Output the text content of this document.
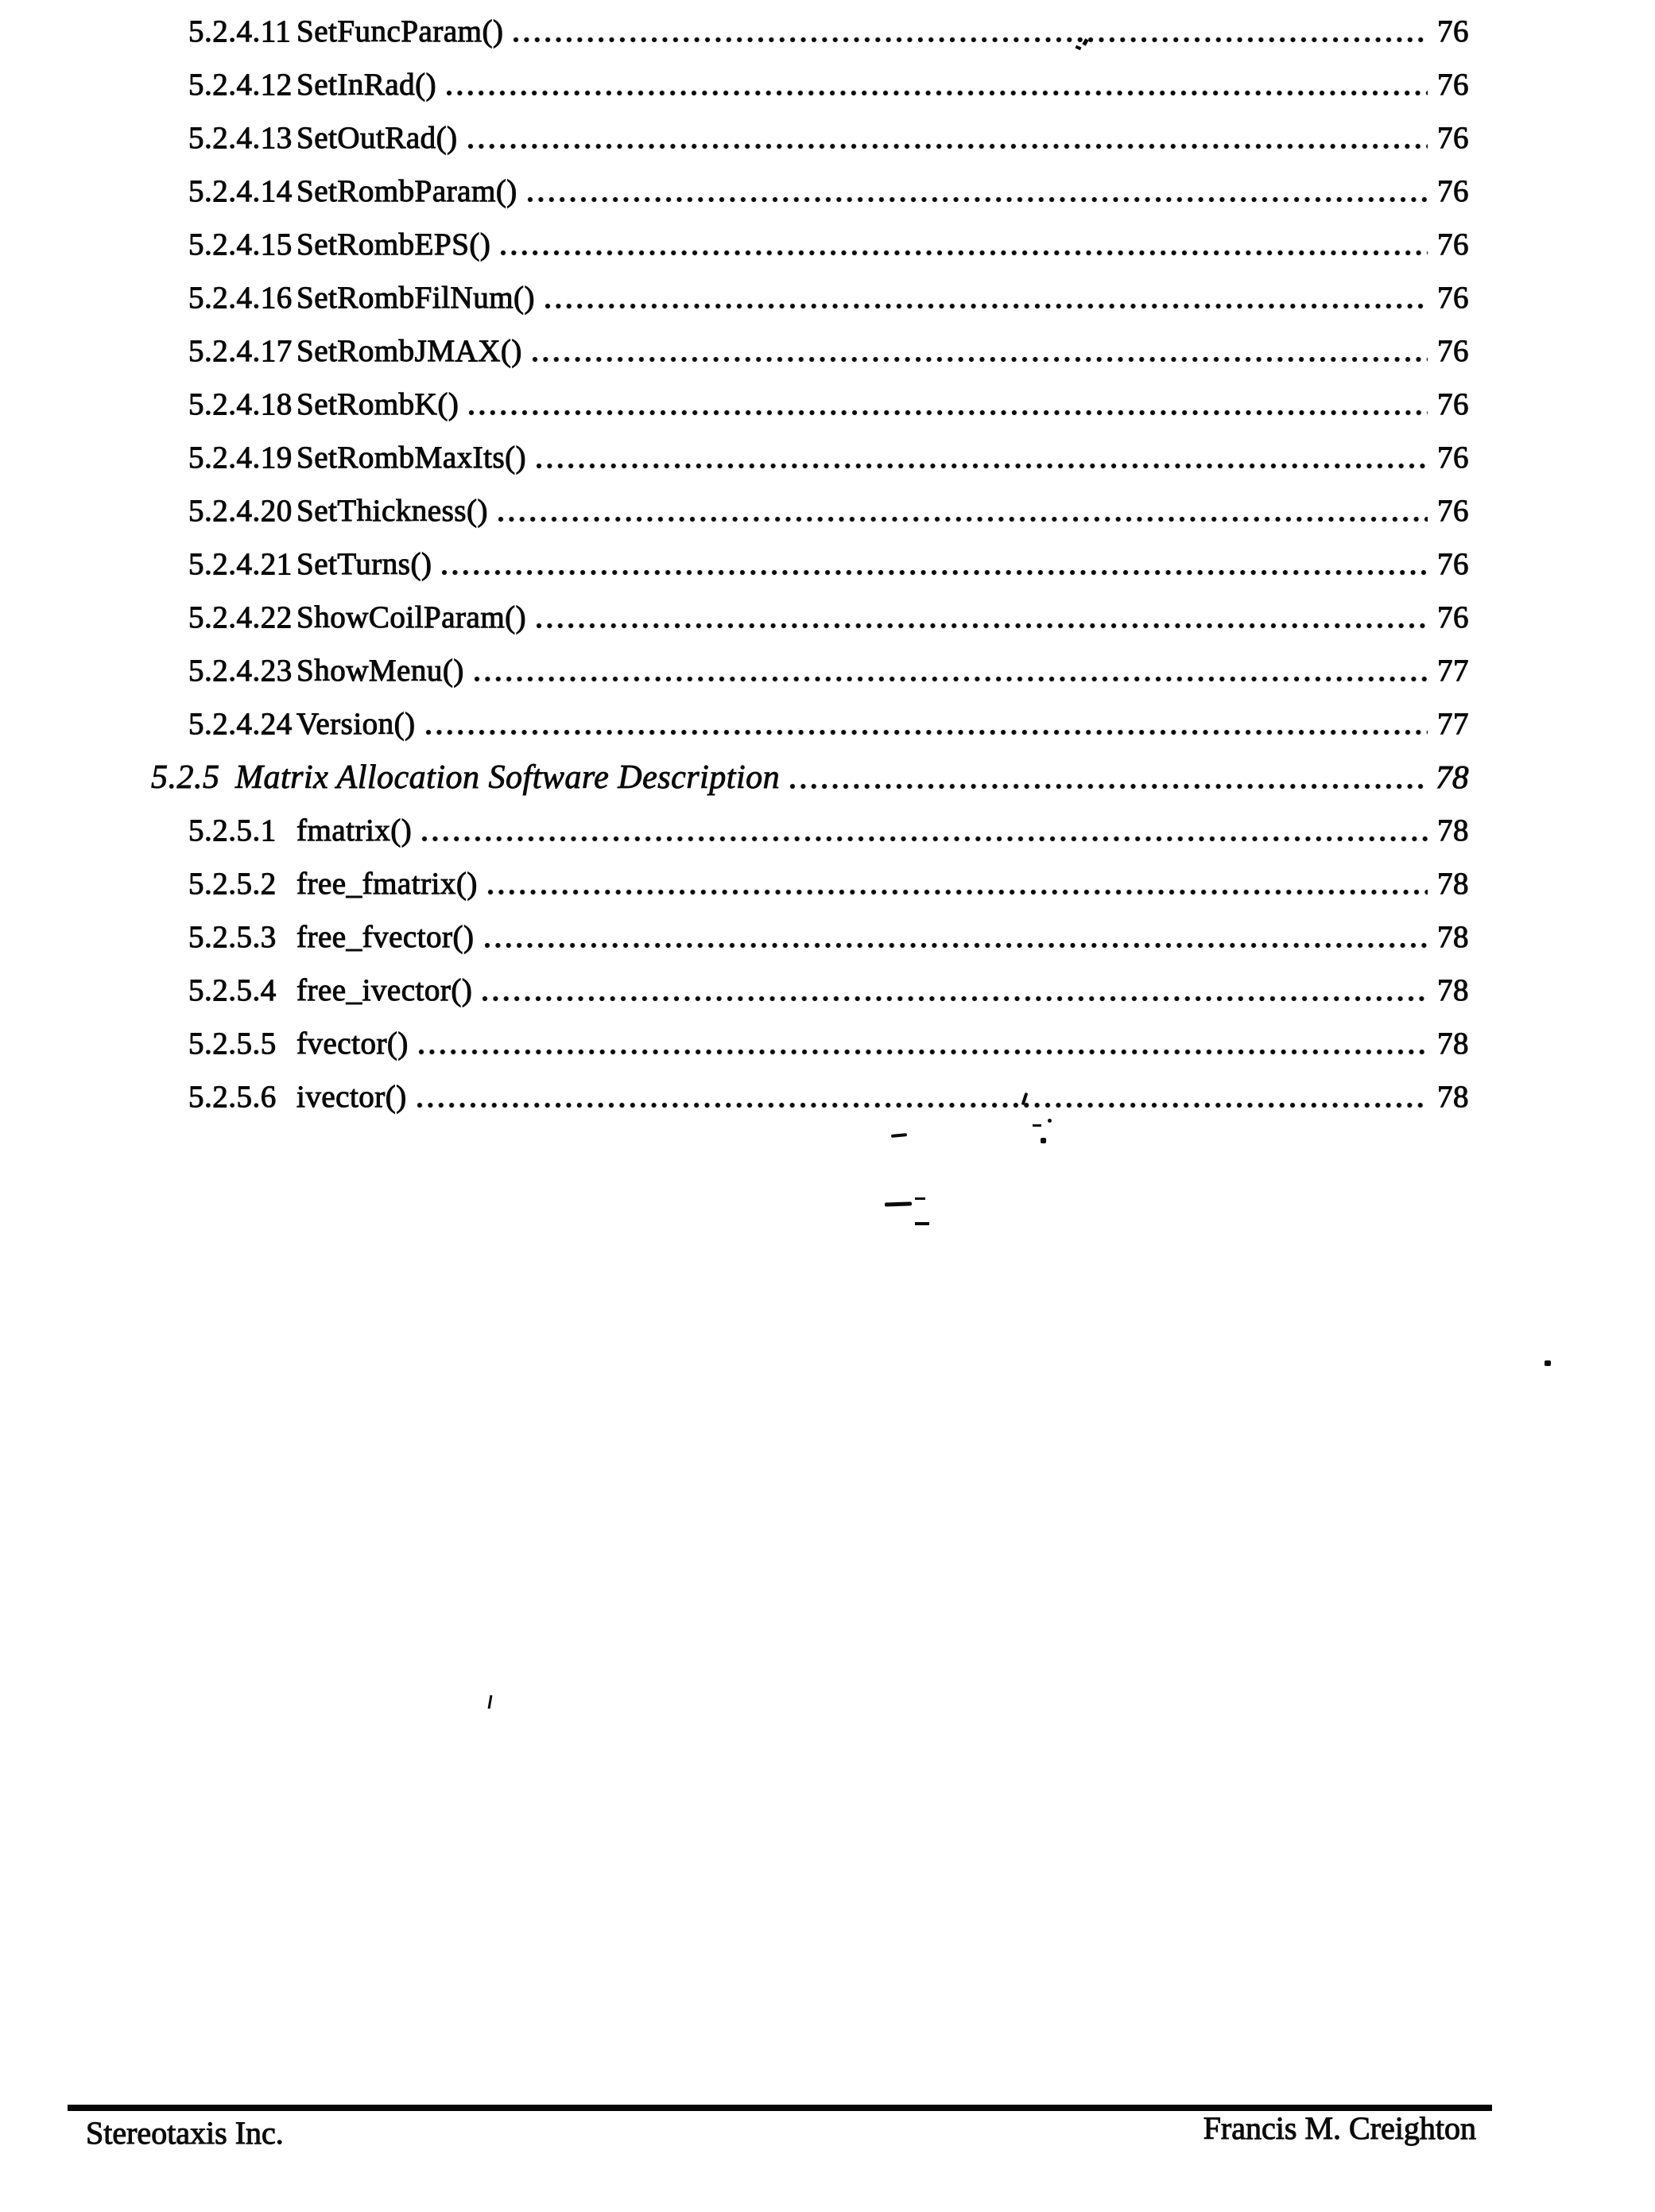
5.2.4.11 SetFuncParam()	76
5.2.4.12 SetInRad()	76
5.2.4.13 SetOutRad()	76
5.2.4.14 SetRombParam()	76
5.2.4.15 SetRombEPS()	76
5.2.4.16 SetRombFilNum()	76
5.2.4.17 SetRombJMAX()	76
5.2.4.18 SetRombK()	76
5.2.4.19 SetRombMaxIts()	76
5.2.4.20 SetThickness()	76
5.2.4.21 SetTurns()	76
5.2.4.22 ShowCoilParam()	76
5.2.4.23 ShowMenu()	77
5.2.4.24 Version()	77
5.2.5 Matrix Allocation Software Description	78
5.2.5.1 fmatrix()	78
5.2.5.2 free_fmatrix()	78
5.2.5.3 free_fvector()	78
5.2.5.4 free_ivector()	78
5.2.5.5 fvector()	78
5.2.5.6 ivector()	78
Stereotaxis Inc.	Francis M. Creighton
